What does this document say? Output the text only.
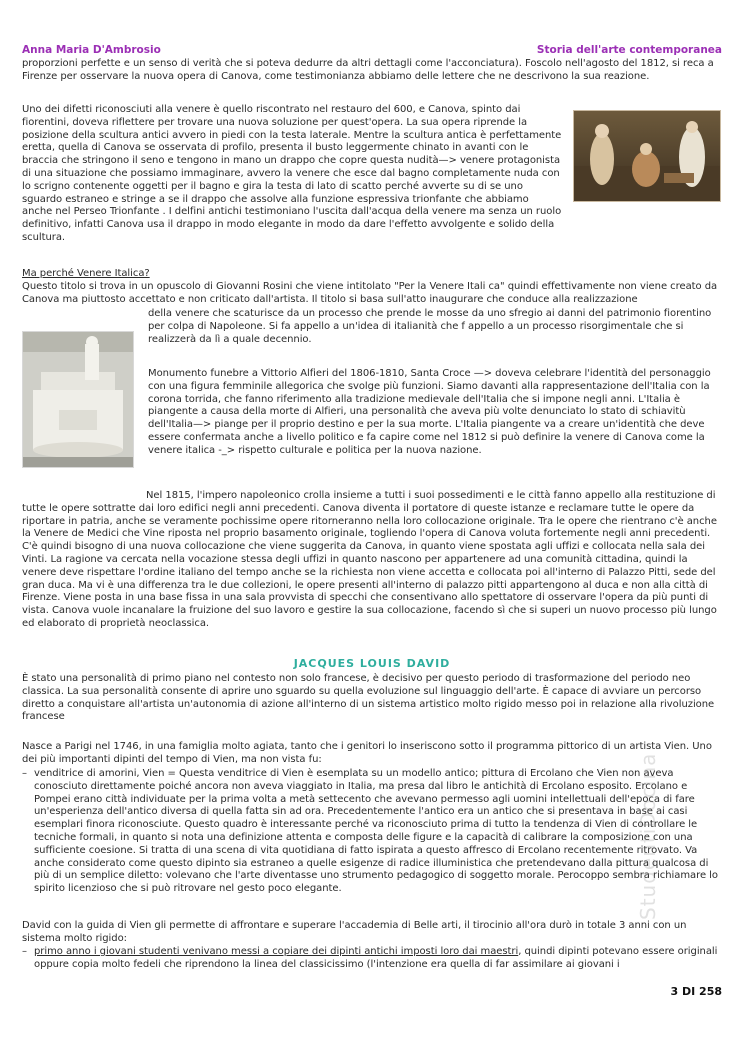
Anna Maria D'Ambrosio	Storia dell'arte contemporanea

proporzioni perfette e un senso di verità che si poteva dedurre da altri dettagli come l'acconciatura). Foscolo nell'agosto del 1812, si reca a Firenze per osservare la nuova opera di Canova, come testimonianza abbiamo delle lettere che ne descrivono la sua reazione.

Uno dei difetti riconosciuti alla venere è quello riscontrato nel restauro del 600, e Canova, spinto dai fiorentini, doveva riflettere per trovare una nuova soluzione per quest'opera. La sua opera riprende la posizione della scultura antici avvero in piedi con la testa laterale. Mentre la scultura antica è perfettamente eretta, quella di Canova se osservata di profilo, presenta il busto leggermente chinato in avanti con le braccia che stringono il seno e tengono in mano un drappo che copre questa nudità—> venere protagonista di una situazione che possiamo immaginare, avvero la venere che esce dal bagno completamente nuda con lo scrigno contenente oggetti per il bagno e gira la testa di lato di scatto perché avverte su di se uno sguardo estraneo e stringe a se il drappo che assolve alla funzione espressiva trionfante che abbiamo anche nel Perseo Trionfante . I delfini antichi testimoniano l'uscita dall'acqua della venere ma senza un ruolo definitivo, infatti Canova usa il drappo in modo elegante in modo da dare l'effetto avvolgente e solido della scultura.

Ma perché Venere Italica?

Questo titolo si trova in un opuscolo di Giovanni Rosini che viene intitolato "Per la Venere Itali ca" quindi effettivamente non viene creato da Canova ma piuttosto accettato e non criticato dall'artista. Il titolo si basa sull'atto inaugurare che conduce alla realizzazione

della venere che scaturisce da un processo che prende le mosse da uno sfregio ai danni del patrimonio fiorentino per colpa di Napoleone. Si fa appello a un'idea di italianità che f appello a un processo risorgimentale che si realizzerà da lì a quale decennio.

Monumento funebre a Vittorio Alfieri del 1806-1810, Santa Croce —> doveva celebrare l'identità del personaggio con una figura femminile allegorica che svolge più funzioni. Siamo davanti alla rappresentazione dell'Italia con la corona torrida, che fanno riferimento alla tradizione medievale dell'Italia che si impone negli anni. L'Italia è piangente a causa della morte di Alfieri, una personalità che aveva più volte denunciato lo stato di schiavitù dell'Italia—> piange per il proprio destino e per la sua morte. L'Italia piangente va a creare un'identità che deve essere confermata anche a livello politico e fa capire come nel 1812 si può definire la venere di Canova come la venere italica -_> rispetto culturale e politica per la nuova nazione.

Nel 1815, l'impero napoleonico crolla insieme a tutti i suoi possedimenti e le città fanno appello alla restituzione di tutte le opere sottratte dai loro edifici negli anni precedenti. Canova diventa il portatore di queste istanze e reclamare tutte le opere da riportare in patria, anche se veramente pochissime opere ritorneranno nella loro collocazione originale. Tra le opere che rientrano c'è anche la Venere de Medici che Vine riposta nel proprio basamento originale, togliendo l'opera di Canova voluta fortemente negli anni precedenti. C'è quindi bisogno di una nuova collocazione che viene suggerita da Canova, in quanto viene spostata agli uffizi e collocata nella sala dei Vinti. La ragione va cercata nella vocazione stessa degli uffizi in quanto nascono per appartenere ad una comunità cittadina, quindi la venere deve rispettare l'ordine italiano del tempo anche se la richiesta non viene accetta e collocata poi all'interno di Palazzo Pitti, sede del gran duca. Ma vi è una differenza tra le due collezioni, le opere presenti all'interno di palazzo pitti appartengono al duca e non alla città di Firenze. Viene posta in una base fissa in una sala provvista di specchi che consentivano allo spettatore di osservare l'opera da più punti di vista. Canova vuole incanalare la fruizione del suo lavoro e gestire la sua collocazione, facendo sì che si superi un nuovo processo più lungo ed elaborato di proprietà neoclassica.

JACQUES LOUIS DAVID

È stato una personalità di primo piano nel contesto non solo francese, è decisivo per questo periodo di trasformazione del periodo neo classica. La sua personalità consente di aprire uno sguardo su quella evoluzione sul linguaggio dell'arte. È capace di avviare un percorso diretto a conquistare all'artista un'autonomia di azione all'interno di un sistema artistico molto rigido messo poi in relazione alla rivoluzione francese

Nasce a Parigi nel 1746, in una famiglia molto agiata, tanto che i genitori lo inseriscono sotto il programma pittorico di un artista Vien. Uno dei più importanti dipinti del tempo di Vien, ma non vista fu:

– venditrice di amorini, Vien = Questa venditrice di Vien è esemplata su un modello antico; pittura di Ercolano che Vien non aveva conosciuto direttamente poiché ancora non aveva viaggiato in Italia, ma presa dal libro le antichità di Ercolano esposito. Ercolano e Pompei erano città individuate per la prima volta a metà settecento che avevano permesso agli uomini intellettuali dell'epoca di fare un'esperienza dell'antico diversa di quella fatta sin ad ora. Precedentemente l'antico era un antico che si presentava in base ai casi esemplari finora riconosciute. Questo quadro è interessante perché va riconosciuto prima di tutto la tendenza di Vien di controllare le tecniche formali, in quanto si nota una definizione attenta e composta delle figure e la capacità di calibrare la composizione con una sufficiente coesione. Si tratta di una scena di vita quotidiana di fatto ispirata a questo affresco di Ercolano recentemente ritrovato. Va anche considerato come questo dipinto sia estraneo a quelle esigenze di radice illuministica che pretendevano dalla pittura qualcosa di più di un semplice diletto: volevano che l'arte diventasse uno strumento pedagogico di soggetto morale. Perocoppo sembra richiamare lo spirito licenzioso che si può ritrovare nel gesto poco elegante.

David con la guida di Vien gli permette di affrontare e superare l'accademia di Belle arti, il tirocinio all'ora durò in totale 3 anni con un sistema molto rigido:

– primo anno i giovani studenti venivano messi a copiare dei dipinti antichi imposti loro dai maestri, quindi dipinti potevano essere originali oppure copia molto fedeli che riprendono la linea del classicissimo (l'intenzione era quella di far assimilare ai giovani i
StudentiDocina
3 DI 258
